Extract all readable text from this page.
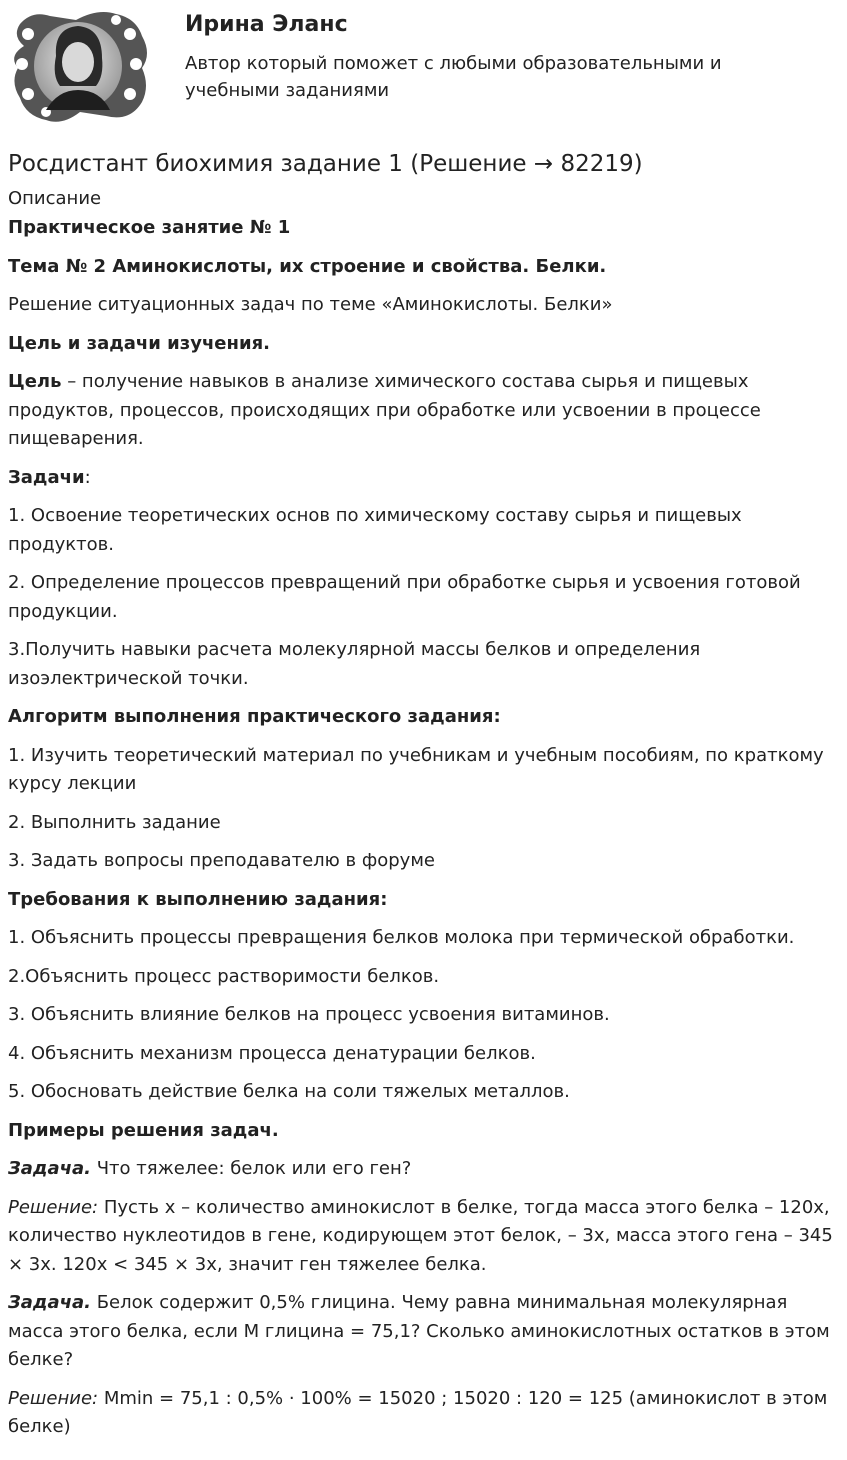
Ирина Эланс
Автор который поможет с любыми образовательными и учебными заданиями
Росдистант биохимия задание 1 (Решение → 82219)
Описание

Практическое занятие № 1

Тема № 2 Аминокислоты, их строение и свойства. Белки.

Решение ситуационных задач по теме «Аминокислоты. Белки»

Цель и задачи изучения.

Цель – получение навыков в анализе химического состава сырья и пищевых продуктов, процессов, происходящих при обработке или усвоении в процессе пищеварения.

Задачи:

1. Освоение теоретических основ по химическому составу сырья и пищевых продуктов.

2. Определение процессов превращений при обработке сырья и усвоения готовой продукции.

3.Получить навыки расчета молекулярной массы белков и определения изоэлектрической точки.

Алгоритм выполнения практического задания:

1. Изучить теоретический материал по учебникам и учебным пособиям, по краткому курсу лекции

2. Выполнить задание

3. Задать вопросы преподавателю в форуме

Требования к выполнению задания:

1. Объяснить процессы превращения белков молока при термической обработки.

2.Объяснить процесс растворимости белков.

3. Объяснить влияние белков на процесс усвоения витаминов.

4. Объяснить механизм процесса денатурации белков.

5. Обосновать действие белка на соли тяжелых металлов.

Примеры решения задач.

Задача. Что тяжелее: белок или его ген?

Решение: Пусть х – количество аминокислот в белке, тогда масса этого белка – 120х, количество нуклеотидов в гене, кодирующем этот белок, – 3х, масса этого гена – 345 × 3х. 120х < 345 × 3х, значит ген тяжелее белка.

Задача. Белок содержит 0,5% глицина. Чему равна минимальная молекулярная масса этого белка, если М глицина = 75,1? Сколько аминокислотных остатков в этом белке?

Решение: Mmin = 75,1 : 0,5% · 100% = 15020 ; 15020 : 120 = 125 (аминокислот в этом белке)
